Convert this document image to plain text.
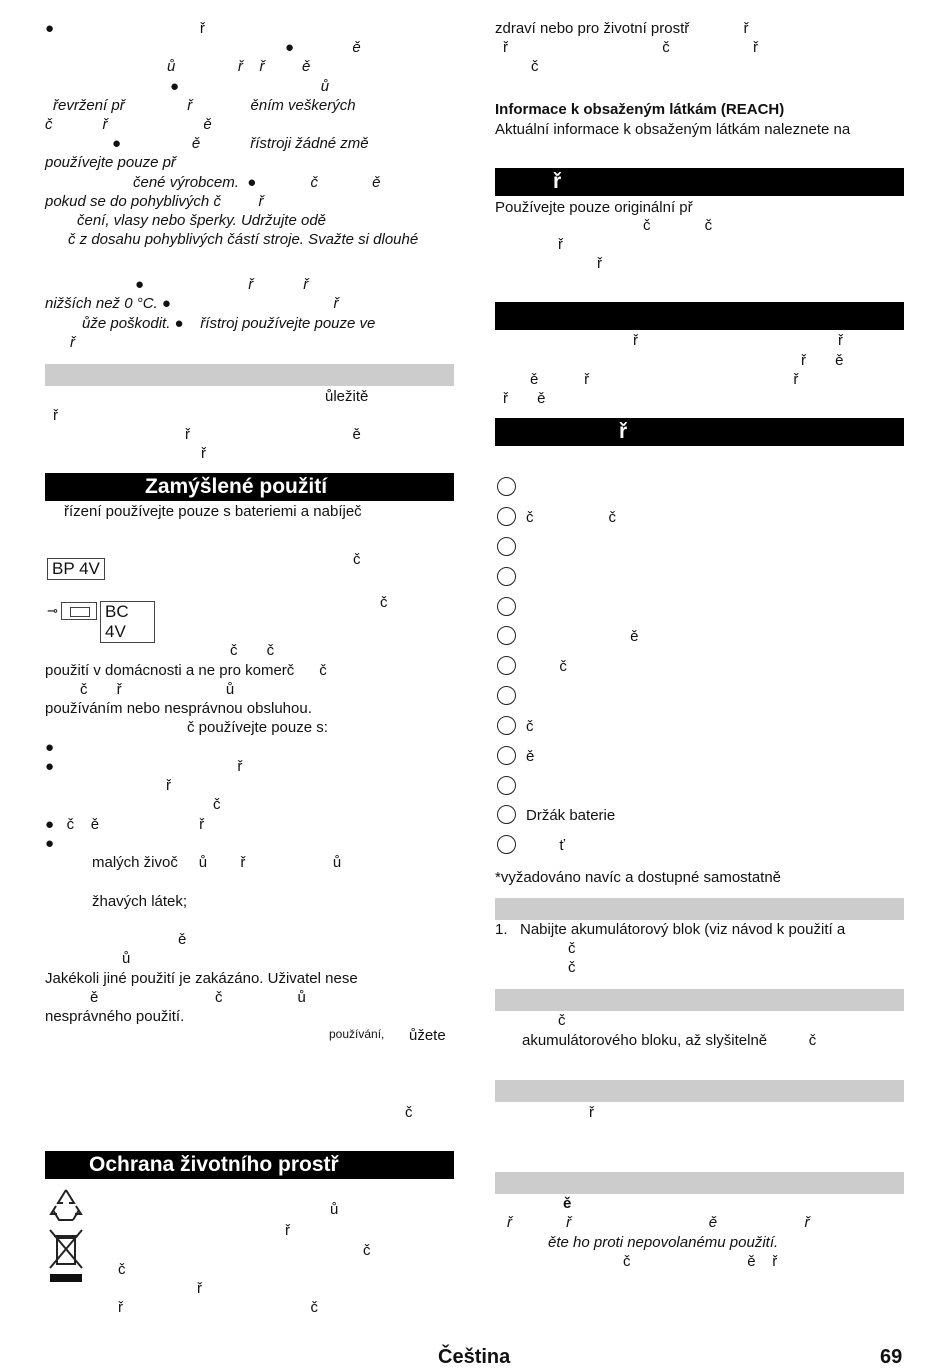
●                                   ř
●              ě
ů               ř    ř         ě
●                                  ů
řevržení př               ř              ěním veškerých
č            ř                       ě
●                 ě            řístroji žádné změ
používejte pouze př
čené výrobcem.  ●             č             ě
pokud se do pohyblivých č         ř
čení, vlasy nebo šperky. Udržujte odě
č z dosahu pohyblivých částí stroje. Svažte si dlouhé
●                         ř            ř
nižších než 0 °C. ●                                       ř
ůže poškodit. ●    řístroj používejte pouze ve
ř
ůležitě
ř
ř                                       ě
ř
Zamýšlené použití
řízení používejte pouze s bateriemi a nabíječ
č
č
č       č
použití v domácnosti a ne pro komerč      č
č       ř                         ů
používáním nebo nesprávnou obsluhou.
č používejte pouze s:
●
●                                            ř
ř
č
●   č    ě                        ř
●
malých živoč     ů        ř                     ů
žhavých látek;
ě
ů
Jakékoli jiné použití je zakázáno. Uživatel nese
ě                            č                  ů
nesprávného použití.
ůžete
č
BP 4V
⊸	BC 4V
používání,
Ochrana životního prostř
ů
ř
č
č
ř
ř                                             č
zdraví nebo pro životní prostř             ř
ř                                     č                    ř
č
Informace k obsaženým látkám (REACH)
Aktuální informace k obsaženým látkám naleznete na
ř
Používejte pouze originální př
č             č
ř
ř
ř                                                ř
ř       ě
ě           ř                                                 ř
ř       ě
ř
č                  č
ě
č
č
ě
Držák baterie
ť
*vyžadováno navíc a dostupné samostatně
1.   Nabijte akumulátorový blok (viz návod k použití a
č
č
č
akumulátorového bloku, až slyšitelně          č
ř
ě
ř             ř                                 ě                     ř
ěte ho proti nepovolanému použití.
č                            ě    ř
Čeština	69
